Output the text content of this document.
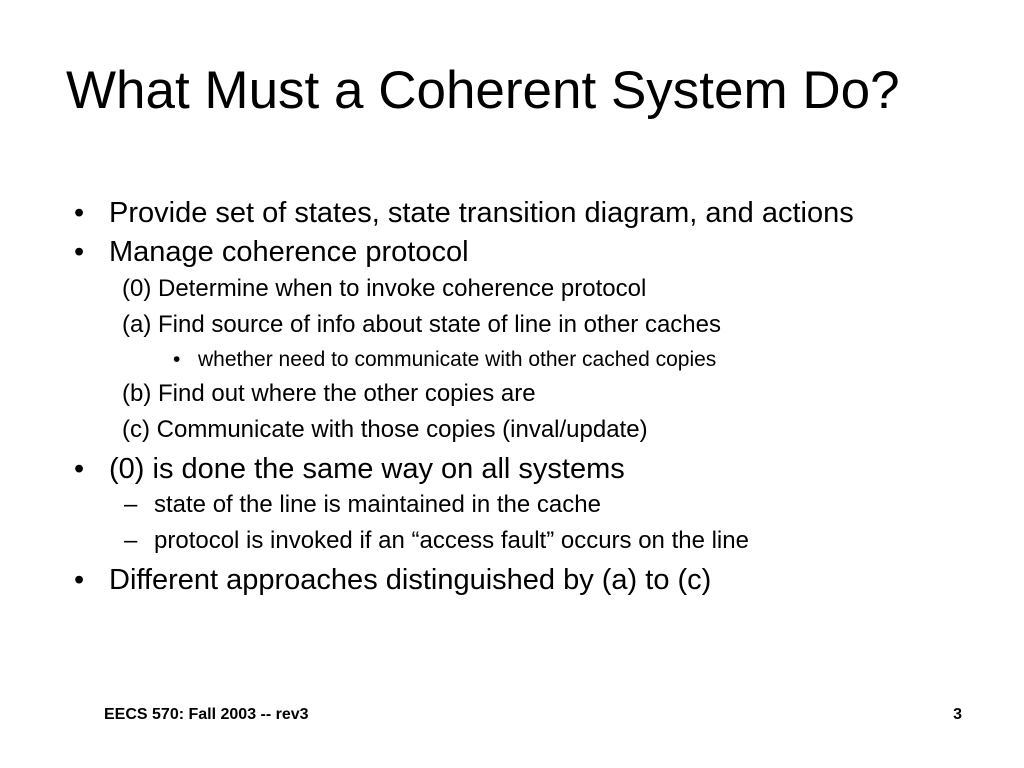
What Must a Coherent System Do?
• Provide set of states, state transition diagram, and actions
• Manage coherence protocol
(0) Determine when to invoke coherence protocol
(a) Find source of info about state of line in other caches
• whether need to communicate with other cached copies
(b) Find out where the other copies are
(c) Communicate with those copies (inval/update)
• (0) is done the same way on all systems
– state of the line is maintained in the cache
– protocol is invoked if an “access fault” occurs on the line
• Different approaches distinguished by (a) to (c)
EECS 570: Fall 2003 -- rev3	3
